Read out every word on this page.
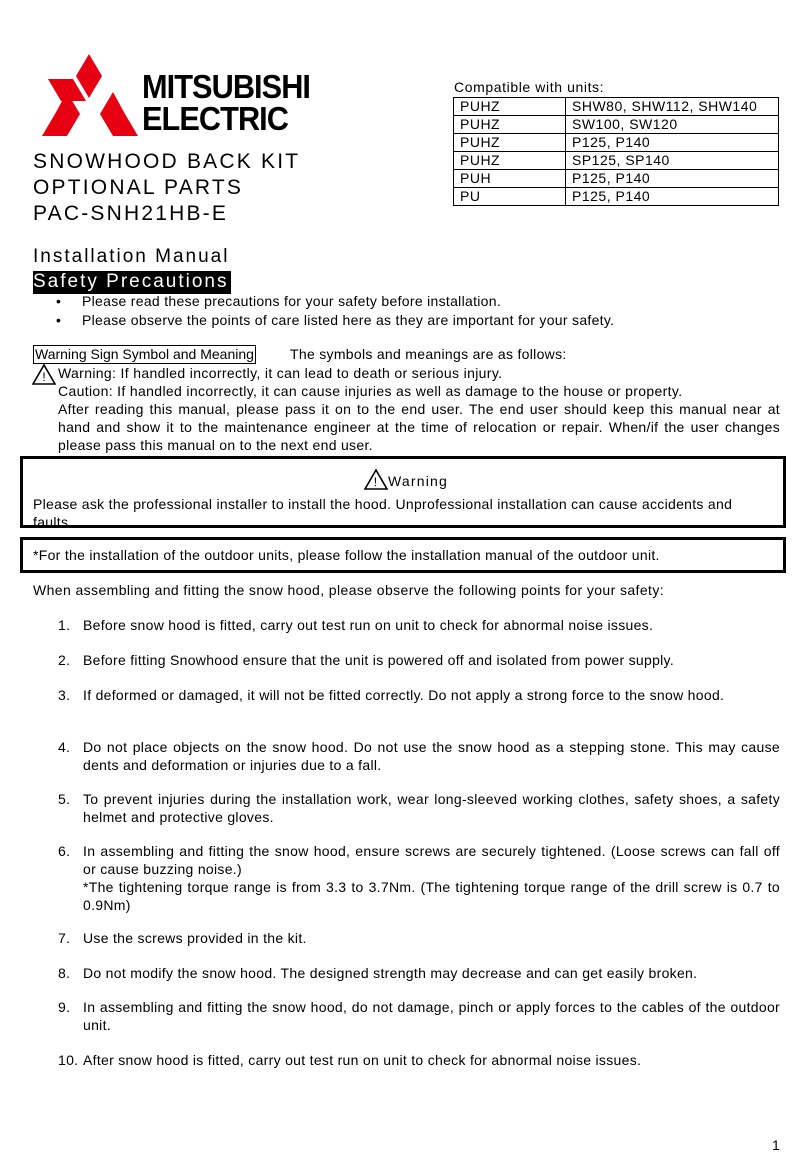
MITSUBISHI
ELECTRIC
SNOWHOOD BACK KIT
OPTIONAL PARTS
PAC-SNH21HB-E
Compatible with units:
PUHZ	SHW80, SHW112, SHW140
PUHZ	SW100, SW120
PUHZ	P125, P140
PUHZ	SP125, SP140
PUH	P125, P140
PU	P125, P140
Installation Manual
Safety Precautions
• Please read these precautions for your safety before installation.
• Please observe the points of care listed here as they are important for your safety.
Warning Sign Symbol and Meaning	The symbols and meanings are as follows:
! Warning: If handled incorrectly, it can lead to death or serious injury.
Caution: If handled incorrectly, it can cause injuries as well as damage to the house or property.
After reading this manual, please pass it on to the end user. The end user should keep this manual near at hand and show it to the maintenance engineer at the time of relocation or repair. When/if the user changes please pass this manual on to the next end user.
! Warning
Please ask the professional installer to install the hood. Unprofessional installation can cause accidents and faults.
*For the installation of the outdoor units, please follow the installation manual of the outdoor unit.
When assembling and fitting the snow hood, please observe the following points for your safety:
1. Before snow hood is fitted, carry out test run on unit to check for abnormal noise issues.
2. Before fitting Snowhood ensure that the unit is powered off and isolated from power supply.
3. If deformed or damaged, it will not be fitted correctly. Do not apply a strong force to the snow hood.
4. Do not place objects on the snow hood. Do not use the snow hood as a stepping stone. This may cause dents and deformation or injuries due to a fall.
5. To prevent injuries during the installation work, wear long-sleeved working clothes, safety shoes, a safety helmet and protective gloves.
6. In assembling and fitting the snow hood, ensure screws are securely tightened. (Loose screws can fall off or cause buzzing noise.)
*The tightening torque range is from 3.3 to 3.7Nm. (The tightening torque range of the drill screw is 0.7 to 0.9Nm)
7. Use the screws provided in the kit.
8. Do not modify the snow hood. The designed strength may decrease and can get easily broken.
9. In assembling and fitting the snow hood, do not damage, pinch or apply forces to the cables of the outdoor unit.
10. After snow hood is fitted, carry out test run on unit to check for abnormal noise issues.
1
